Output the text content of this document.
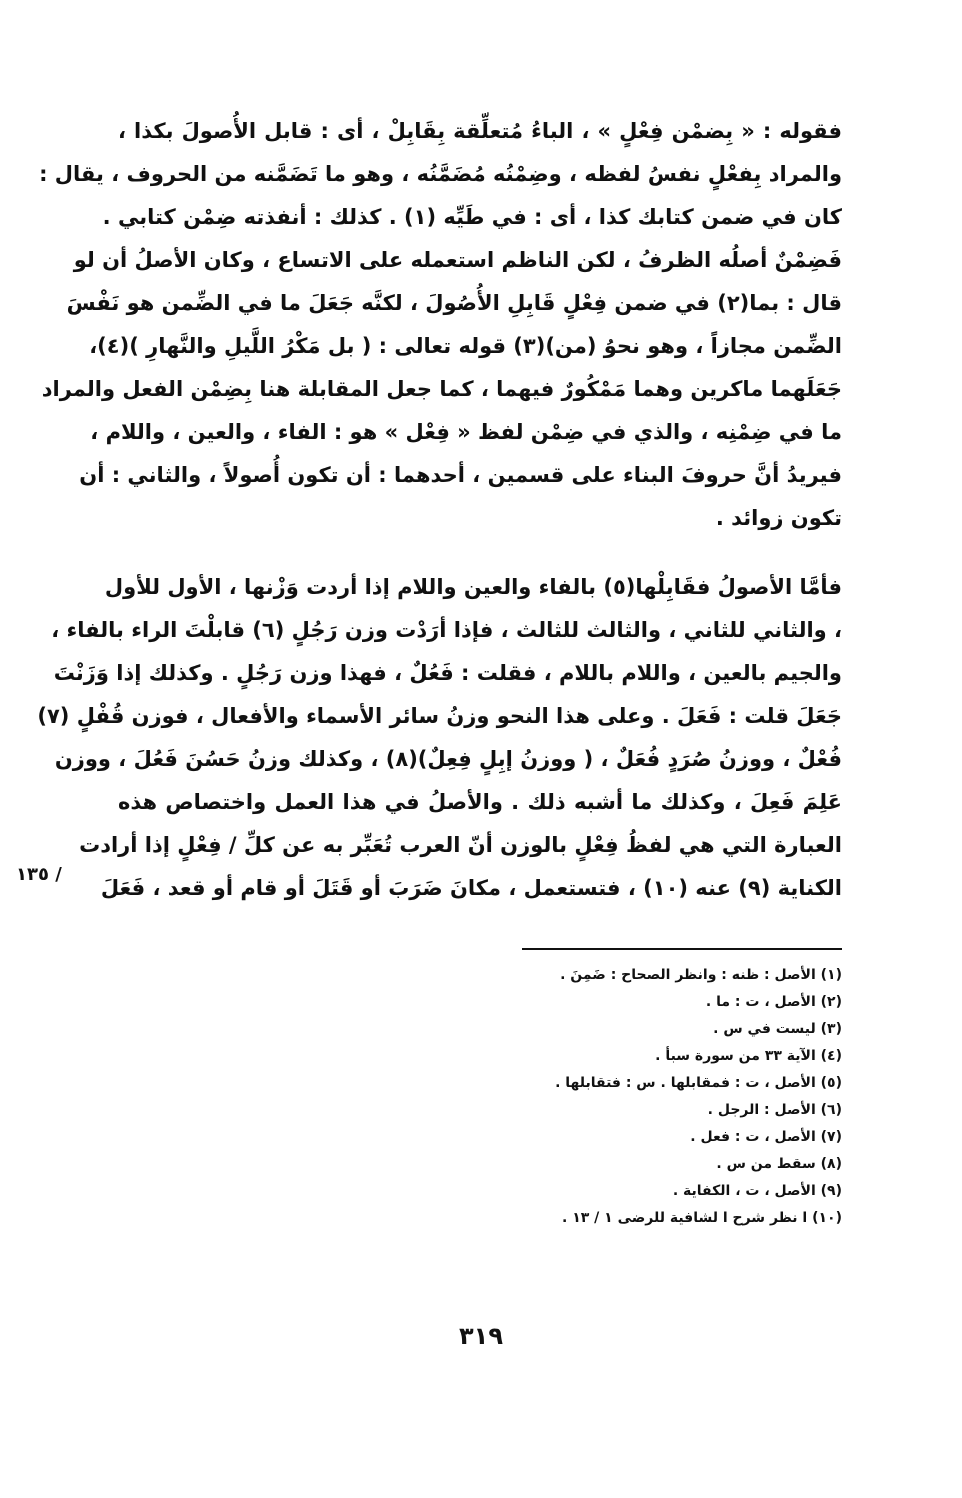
فقوله : « بِضمْن فِعْلٍ » ، الباءُ مُتعلِّقة بِقَابِلْ ، أى : قابل الأُصولَ بكذا ،
والمراد بِفعْلٍ نفسُ لفظه ، وضِمْنُه مُضَمَّنُه ، وهو ما تَضَمَّنه من الحروف ، يقال :
كان في ضمن كتابك كذا ، أى : في طَيِّه (١) . كذلك : أنفذته ضِمْن كتابي .
فَضِمْنٌ أصلُه الظرفُ ، لكن الناظم استعمله على الاتساع ، وكان الأصلُ أن لو
قال : بما(٢) في ضمن فِعْلٍ قَابِلِ الأُصُولَ ، لكنَّه جَعَلَ ما في الضِّمن هو نَفْسَ
الضِّمن مجازاً ، وهو نحوُ (من)(٣) قوله تعالى : ( بل مَكْرُ اللَّيلِ والنَّهارِ )(٤)،
جَعَلَهما ماكرين وهما مَمْكُورٌ فيهما ، كما جعل المقابلة هنا بِضِمْن الفعل والمراد
ما في ضِمْنِه ، والذي في ضِمْن لفظ « فِعْل » هو : الفاء ، والعين ، واللام ،
فيريدُ أنَّ حروفَ البناء على قسمين ، أحدهما : أن تكون أُصولاً ، والثاني : أن
تكون زوائد .
فأمَّا الأصولُ فقَابِلْها(٥) بالفاء والعين واللام إذا أردت وَزْنها ، الأول للأول
، والثاني للثاني ، والثالث للثالث ، فإذا أرَدْت وزن رَجُلٍ (٦) قابلْتَ الراء بالفاء ،
والجيم بالعين ، واللام باللام ، فقلت : فَعُلٌ ، فهذا وزن رَجُلٍ . وكذلك إذا وَزَنْتَ
جَعَلَ قلت : فَعَلَ . وعلى هذا النحو وزنُ سائر الأسماء والأفعال ، فوزن قُفْلٍ (٧)
فُعْلٌ ، ووزنُ صُرَدٍ فُعَلٌ ، ( ووزنُ إبِلٍ فِعِلٌ)(٨) ، وكذلك وزنُ حَسُنَ فَعُلَ ، ووزن
عَلِمَ فَعِلَ ، وكذلك ما أشبه ذلك . والأصلُ في هذا العمل واختصاص هذه
العبارة التي هي لفظُ فِعْلٍ بالوزن أنّ العرب تُعَبِّر به عن كلِّ / فِعْلٍ إذا أرادت
الكناية (٩) عنه (١٠) ، فتستعمل ، مكانَ ضَرَبَ أو قَتَلَ أو قام أو قعد ، فَعَلَ
/ ١٣٥
(١) الأصل : ظنه : وانظر الصحاح : ضَمِنَ .
(٢) الأصل ، ت : ما .
(٣) ليست في س .
(٤) الآية ٣٣ من سورة سبأ .
(٥) الأصل ، ت : فمقابلها . س : فتقابلها .
(٦) الأصل : الرجل .
(٧) الأصل ، ت : فعل .
(٨) سقط من س .
(٩) الأصل ، ت ، الكفاية .
(١٠) ا نظر شرح ا لشافية للرضى ١ / ١٣ .
٣١٩
